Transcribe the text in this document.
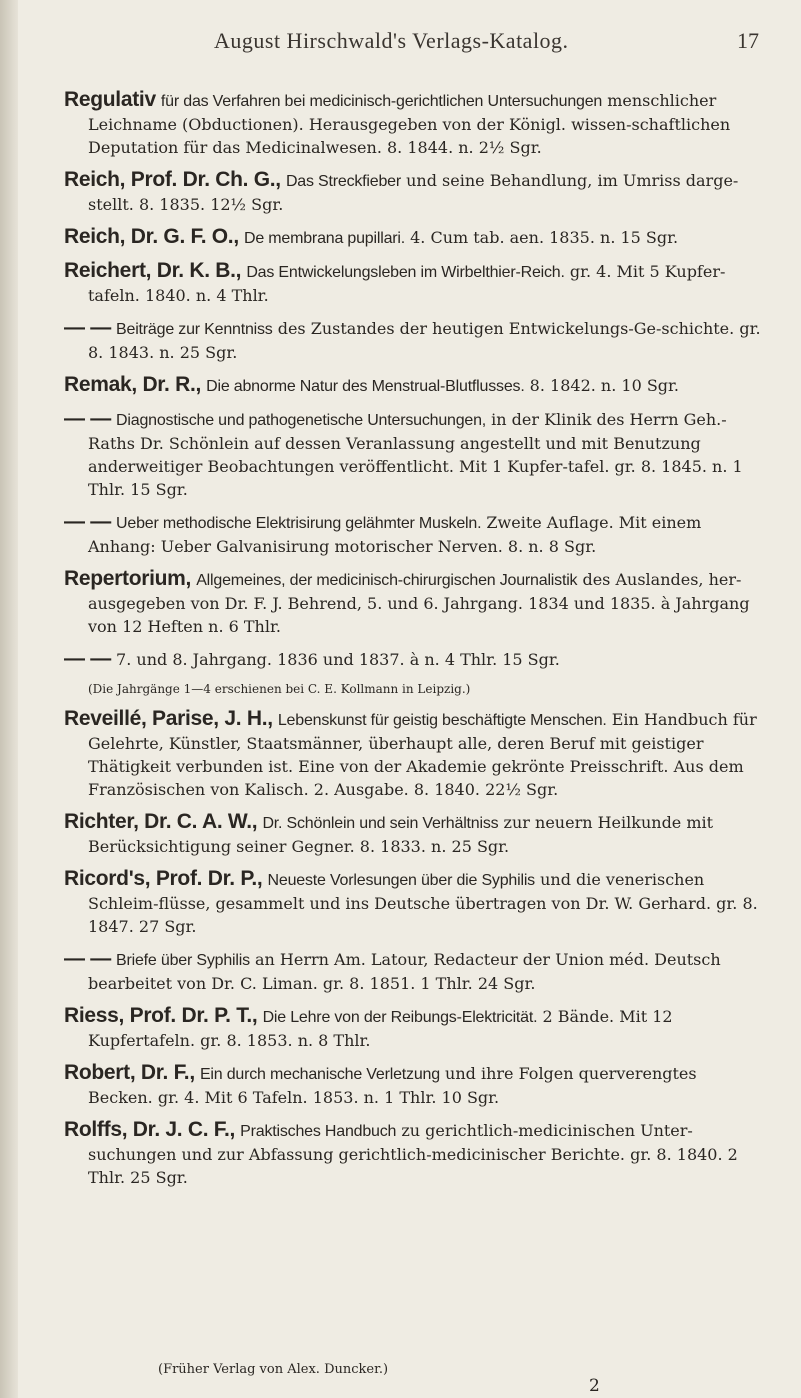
August Hirschwald's Verlags-Katalog.	17

Regulativ für das Verfahren bei medicinisch-gerichtlichen Untersuchungen menschlicher Leichname (Obductionen). Herausgegeben von der Königl. wissen-schaftlichen Deputation für das Medicinalwesen. 8. 1844. n. 2½ Sgr.

Reich, Prof. Dr. Ch. G., Das Streckfieber und seine Behandlung, im Umriss darge-stellt. 8. 1835. 12½ Sgr.

Reich, Dr. G. F. O., De membrana pupillari. 4. Cum tab. aen. 1835. n. 15 Sgr.

Reichert, Dr. K. B., Das Entwickelungsleben im Wirbelthier-Reich. gr. 4. Mit 5 Kupfer-tafeln. 1840. n. 4 Thlr.

— — Beiträge zur Kenntniss des Zustandes der heutigen Entwickelungs-Ge-schichte. gr. 8. 1843. n. 25 Sgr.

Remak, Dr. R., Die abnorme Natur des Menstrual-Blutflusses. 8. 1842. n. 10 Sgr.

— — Diagnostische und pathogenetische Untersuchungen, in der Klinik des Herrn Geh.-Raths Dr. Schönlein auf dessen Veranlassung angestellt und mit Benutzung anderweitiger Beobachtungen veröffentlicht. Mit 1 Kupfer-tafel. gr. 8. 1845. n. 1 Thlr. 15 Sgr.

— — Ueber methodische Elektrisirung gelähmter Muskeln. Zweite Auflage. Mit einem Anhang: Ueber Galvanisirung motorischer Nerven. 8. n. 8 Sgr.

Repertorium, Allgemeines, der medicinisch-chirurgischen Journalistik des Auslandes, her-ausgegeben von Dr. F. J. Behrend, 5. und 6. Jahrgang. 1834 und 1835. à Jahrgang von 12 Heften n. 6 Thlr.

— — 7. und 8. Jahrgang. 1836 und 1837. à n. 4 Thlr. 15 Sgr.

(Die Jahrgänge 1—4 erschienen bei C. E. Kollmann in Leipzig.)

Reveillé, Parise, J. H., Lebenskunst für geistig beschäftigte Menschen. Ein Handbuch für Gelehrte, Künstler, Staatsmänner, überhaupt alle, deren Beruf mit geistiger Thätigkeit verbunden ist. Eine von der Akademie gekrönte Preisschrift. Aus dem Französischen von Kalisch. 2. Ausgabe. 8. 1840. 22½ Sgr.

Richter, Dr. C. A. W., Dr. Schönlein und sein Verhältniss zur neuern Heilkunde mit Berücksichtigung seiner Gegner. 8. 1833. n. 25 Sgr.

Ricord's, Prof. Dr. P., Neueste Vorlesungen über die Syphilis und die venerischen Schleim-flüsse, gesammelt und ins Deutsche übertragen von Dr. W. Gerhard. gr. 8. 1847. 27 Sgr.

— — Briefe über Syphilis an Herrn Am. Latour, Redacteur der Union méd. Deutsch bearbeitet von Dr. C. Liman. gr. 8. 1851. 1 Thlr. 24 Sgr.

Riess, Prof. Dr. P. T., Die Lehre von der Reibungs-Elektricität. 2 Bände. Mit 12 Kupfertafeln. gr. 8. 1853. n. 8 Thlr.

Robert, Dr. F., Ein durch mechanische Verletzung und ihre Folgen querverengtes Becken. gr. 4. Mit 6 Tafeln. 1853. n. 1 Thlr. 10 Sgr.

Rolffs, Dr. J. C. F., Praktisches Handbuch zu gerichtlich-medicinischen Unter-suchungen und zur Abfassung gerichtlich-medicinischer Berichte. gr. 8. 1840. 2 Thlr. 25 Sgr.

(Früher Verlag von Alex. Duncker.)
2
